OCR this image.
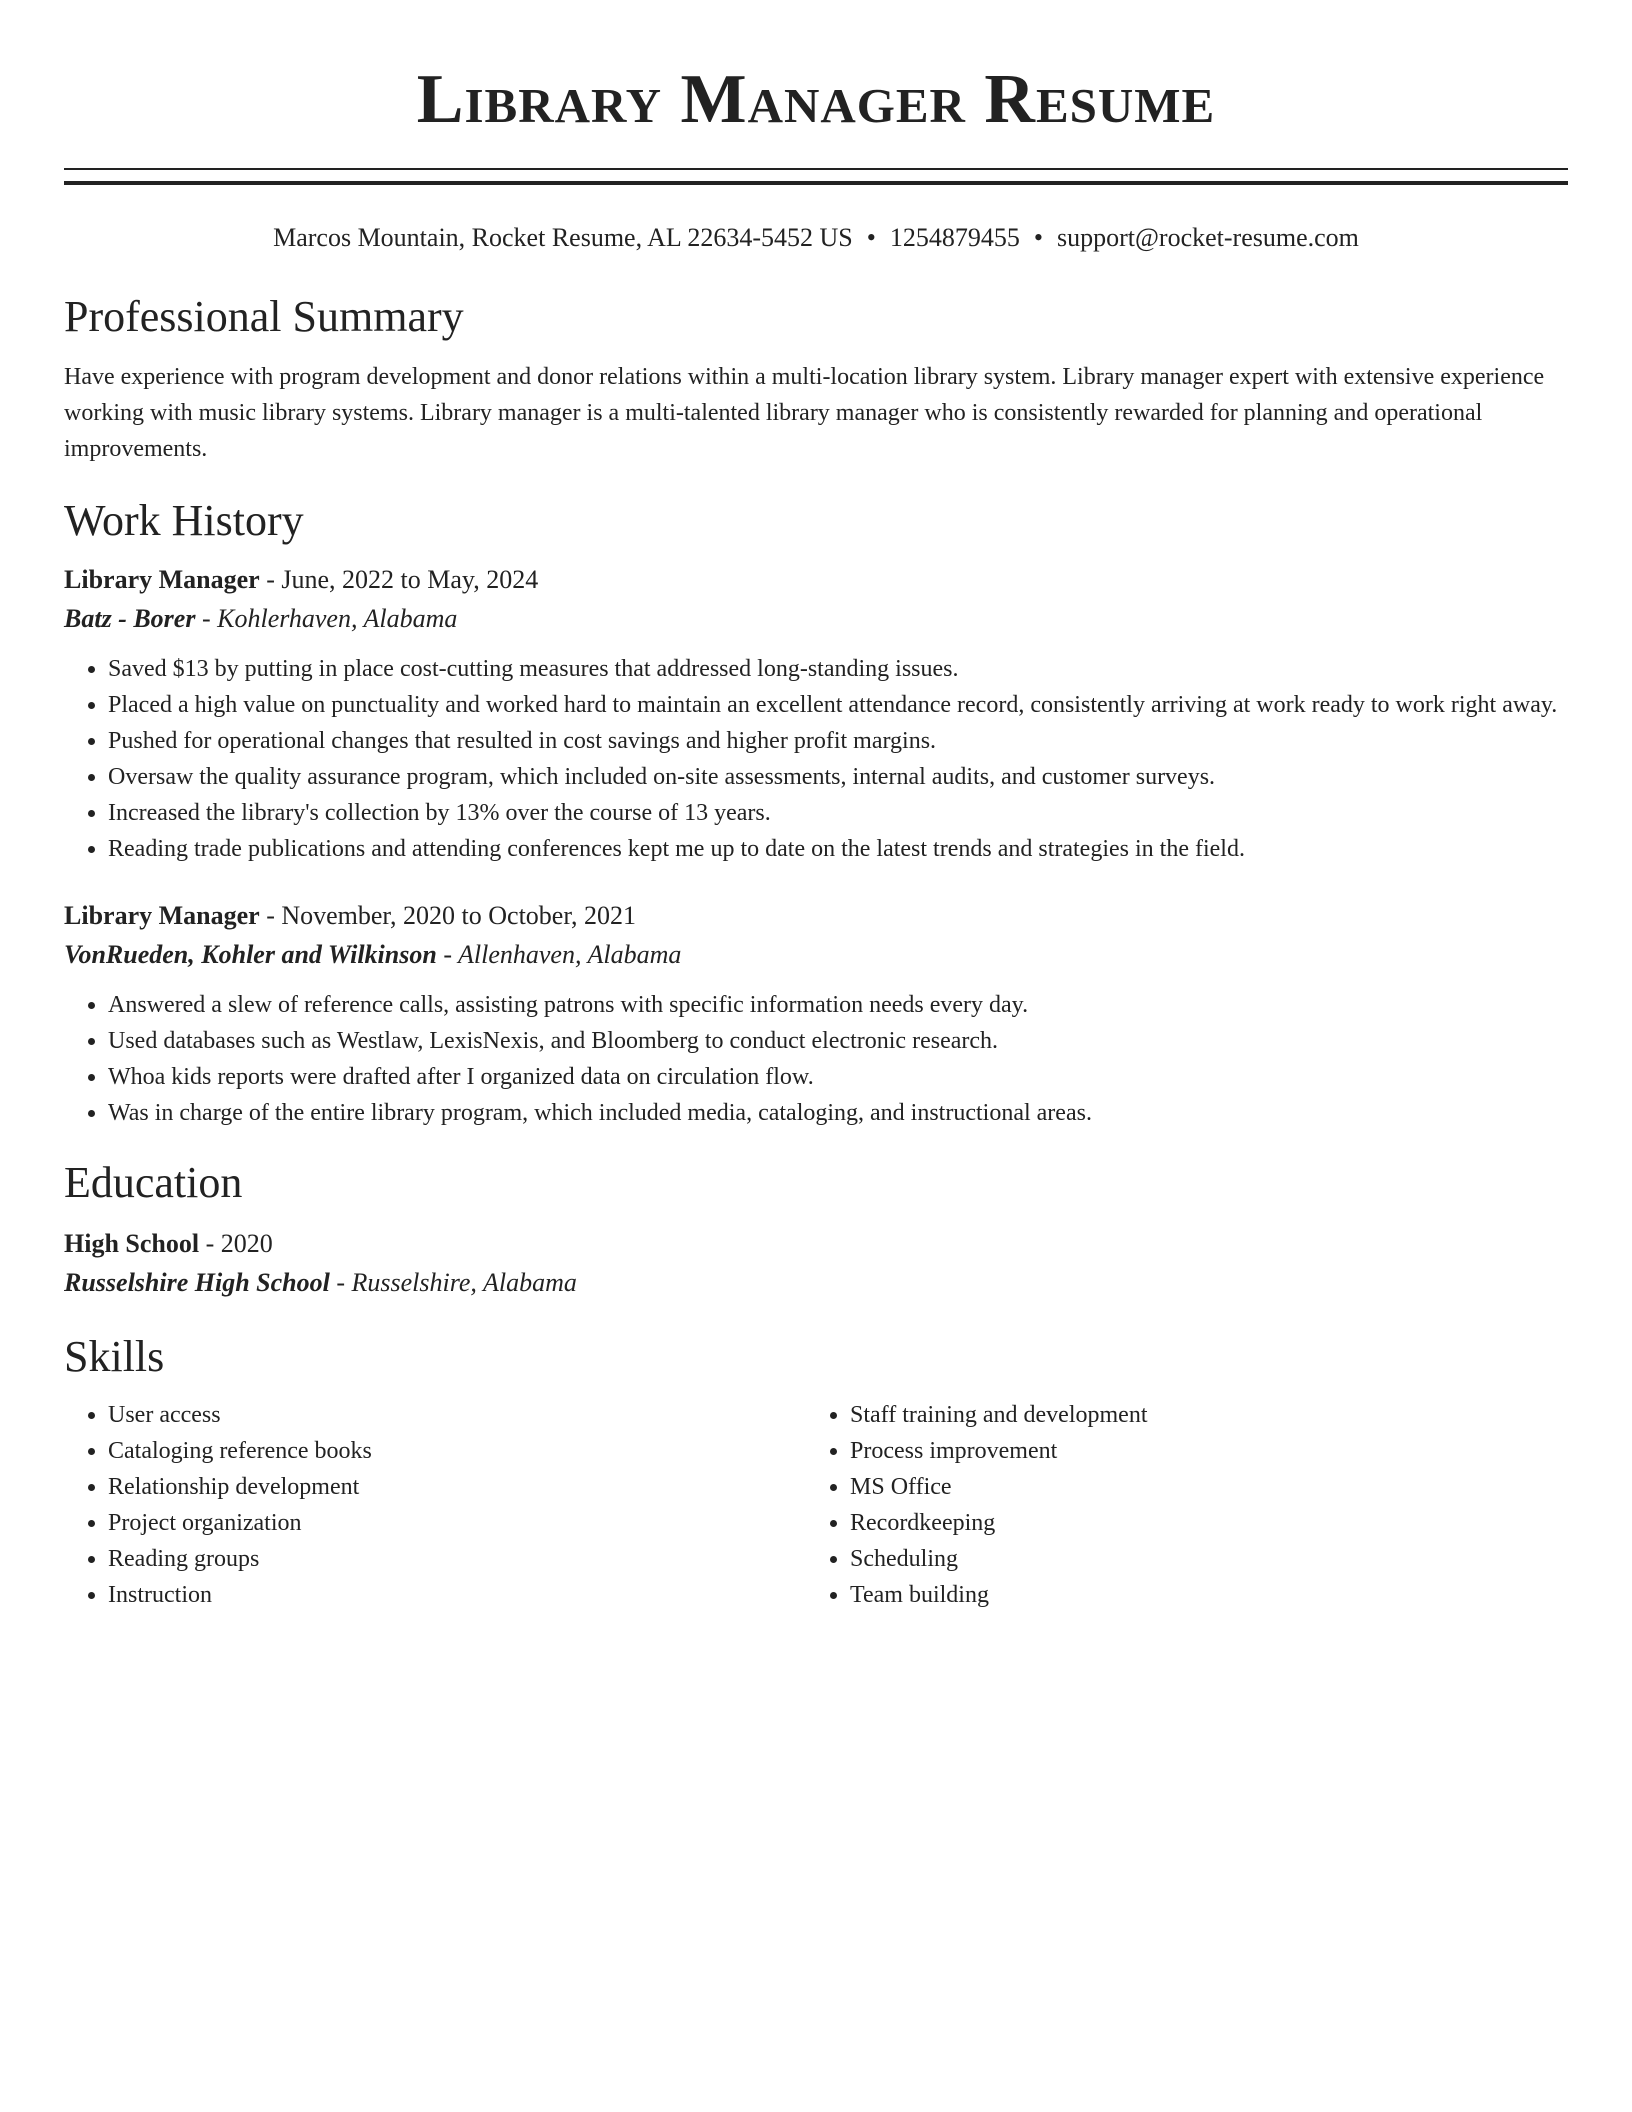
Library Manager Resume
Marcos Mountain, Rocket Resume, AL 22634-5452 US • 1254879455 • support@rocket-resume.com
Professional Summary

Have experience with program development and donor relations within a multi-location library system. Library manager expert with extensive experience working with music library systems. Library manager is a multi-talented library manager who is consistently rewarded for planning and operational improvements.

Work History
Library Manager - June, 2022 to May, 2024
Batz - Borer - Kohlerhaven, Alabama
• Saved $13 by putting in place cost-cutting measures that addressed long-standing issues.
• Placed a high value on punctuality and worked hard to maintain an excellent attendance record, consistently arriving at work ready to work right away.
• Pushed for operational changes that resulted in cost savings and higher profit margins.
• Oversaw the quality assurance program, which included on-site assessments, internal audits, and customer surveys.
• Increased the library's collection by 13% over the course of 13 years.
• Reading trade publications and attending conferences kept me up to date on the latest trends and strategies in the field.
Library Manager - November, 2020 to October, 2021
VonRueden, Kohler and Wilkinson - Allenhaven, Alabama
• Answered a slew of reference calls, assisting patrons with specific information needs every day.
• Used databases such as Westlaw, LexisNexis, and Bloomberg to conduct electronic research.
• Whoa kids reports were drafted after I organized data on circulation flow.
• Was in charge of the entire library program, which included media, cataloging, and instructional areas.
Education
High School - 2020
Russelshire High School - Russelshire, Alabama
Skills
• User access
• Cataloging reference books
• Relationship development
• Project organization
• Reading groups
• Instruction
• Staff training and development
• Process improvement
• MS Office
• Recordkeeping
• Scheduling
• Team building
